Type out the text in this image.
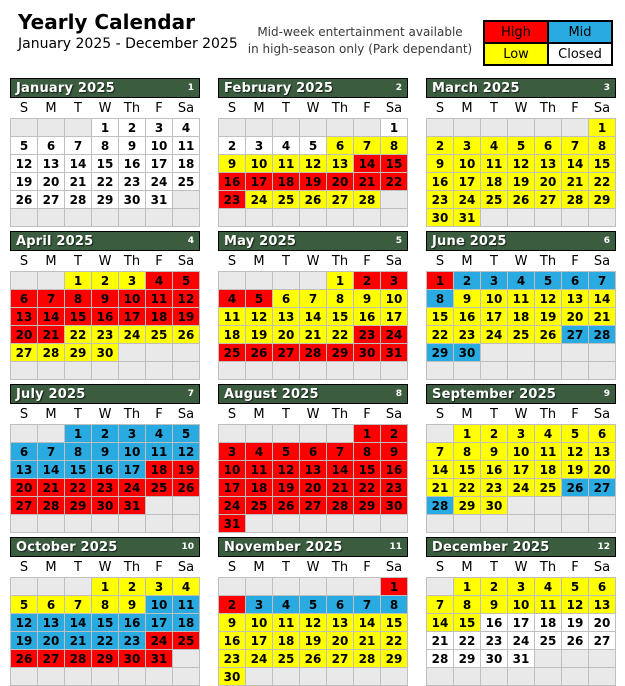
Yearly Calendar
January 2025 - December 2025
Mid-week entertainment available
in high-season only (Park dependant)
High	Mid
Low	Closed
January 2025	1
S	M	T	W	Th	F	Sa
			1	2	3	4
5	6	7	8	9	10	11
12	13	14	15	16	17	18
19	20	21	22	23	24	25
26	27	28	29	30	31	

February 2025	2
S	M	T	W	Th	F	Sa
						1
2	3	4	5	6	7	8
9	10	11	12	13	14	15
16	17	18	19	20	21	22
23	24	25	26	27	28	

March 2025	3
S	M	T	W	Th	F	Sa
						1
2	3	4	5	6	7	8
9	10	11	12	13	14	15
16	17	18	19	20	21	22
23	24	25	26	27	28	29
30	31					
April 2025	4
S	M	T	W	Th	F	Sa
		1	2	3	4	5
6	7	8	9	10	11	12
13	14	15	16	17	18	19
20	21	22	23	24	25	26
27	28	29	30			

May 2025	5
S	M	T	W	Th	F	Sa
				1	2	3
4	5	6	7	8	9	10
11	12	13	14	15	16	17
18	19	20	21	22	23	24
25	26	27	28	29	30	31

June 2025	6
S	M	T	W	Th	F	Sa
1	2	3	4	5	6	7
8	9	10	11	12	13	14
15	16	17	18	19	20	21
22	23	24	25	26	27	28
29	30					

July 2025	7
S	M	T	W	Th	F	Sa
		1	2	3	4	5
6	7	8	9	10	11	12
13	14	15	16	17	18	19
20	21	22	23	24	25	26
27	28	29	30	31		

August 2025	8
S	M	T	W	Th	F	Sa
					1	2
3	4	5	6	7	8	9
10	11	12	13	14	15	16
17	18	19	20	21	22	23
24	25	26	27	28	29	30
31						
September 2025	9
S	M	T	W	Th	F	Sa
	1	2	3	4	5	6
7	8	9	10	11	12	13
14	15	16	17	18	19	20
21	22	23	24	25	26	27
28	29	30				

October 2025	10
S	M	T	W	Th	F	Sa
			1	2	3	4
5	6	7	8	9	10	11
12	13	14	15	16	17	18
19	20	21	22	23	24	25
26	27	28	29	30	31	

November 2025	11
S	M	T	W	Th	F	Sa
						1
2	3	4	5	6	7	8
9	10	11	12	13	14	15
16	17	18	19	20	21	22
23	24	25	26	27	28	29
30						
December 2025	12
S	M	T	W	Th	F	Sa
	1	2	3	4	5	6
7	8	9	10	11	12	13
14	15	16	17	18	19	20
21	22	23	24	25	26	27
28	29	30	31			
